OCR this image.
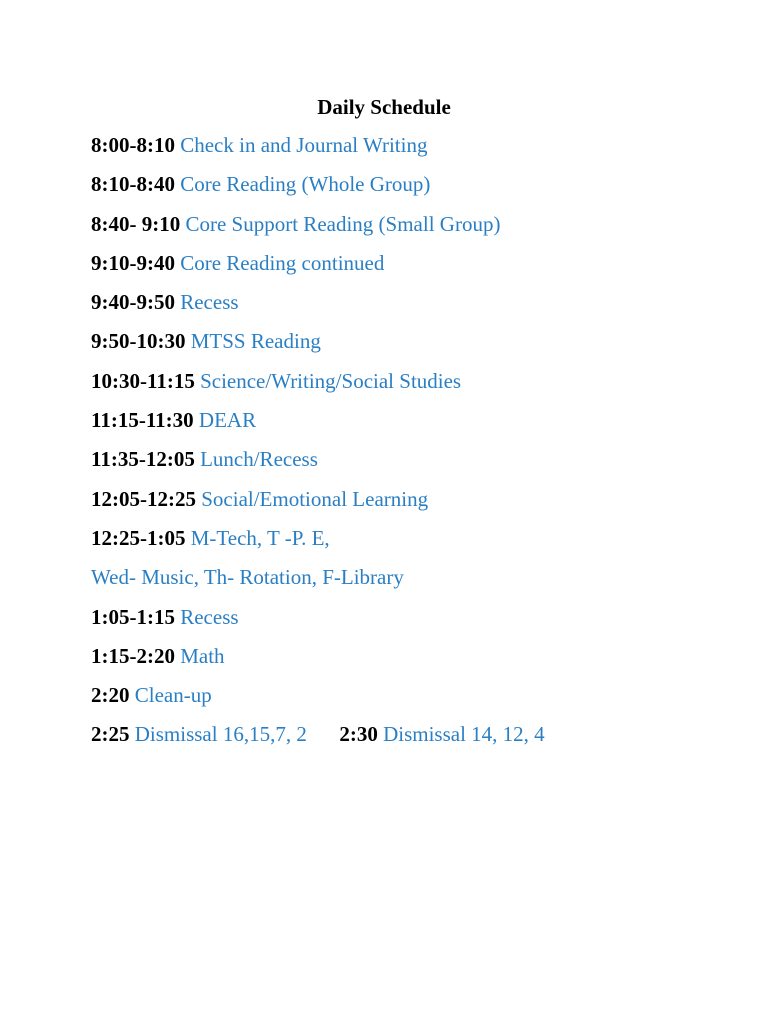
Daily Schedule
8:00-8:10 Check in and Journal Writing
8:10-8:40 Core Reading (Whole Group)
8:40- 9:10 Core Support Reading (Small Group)
9:10-9:40 Core Reading continued
9:40-9:50 Recess
9:50-10:30 MTSS Reading
10:30-11:15 Science/Writing/Social Studies
11:15-11:30 DEAR
11:35-12:05 Lunch/Recess
12:05-12:25 Social/Emotional Learning
12:25-1:05 M-Tech, T -P. E,
Wed- Music, Th- Rotation, F-Library
1:05-1:15 Recess
1:15-2:20 Math
2:20 Clean-up
2:25 Dismissal 16,15,7, 2 2:30 Dismissal 14, 12, 4
